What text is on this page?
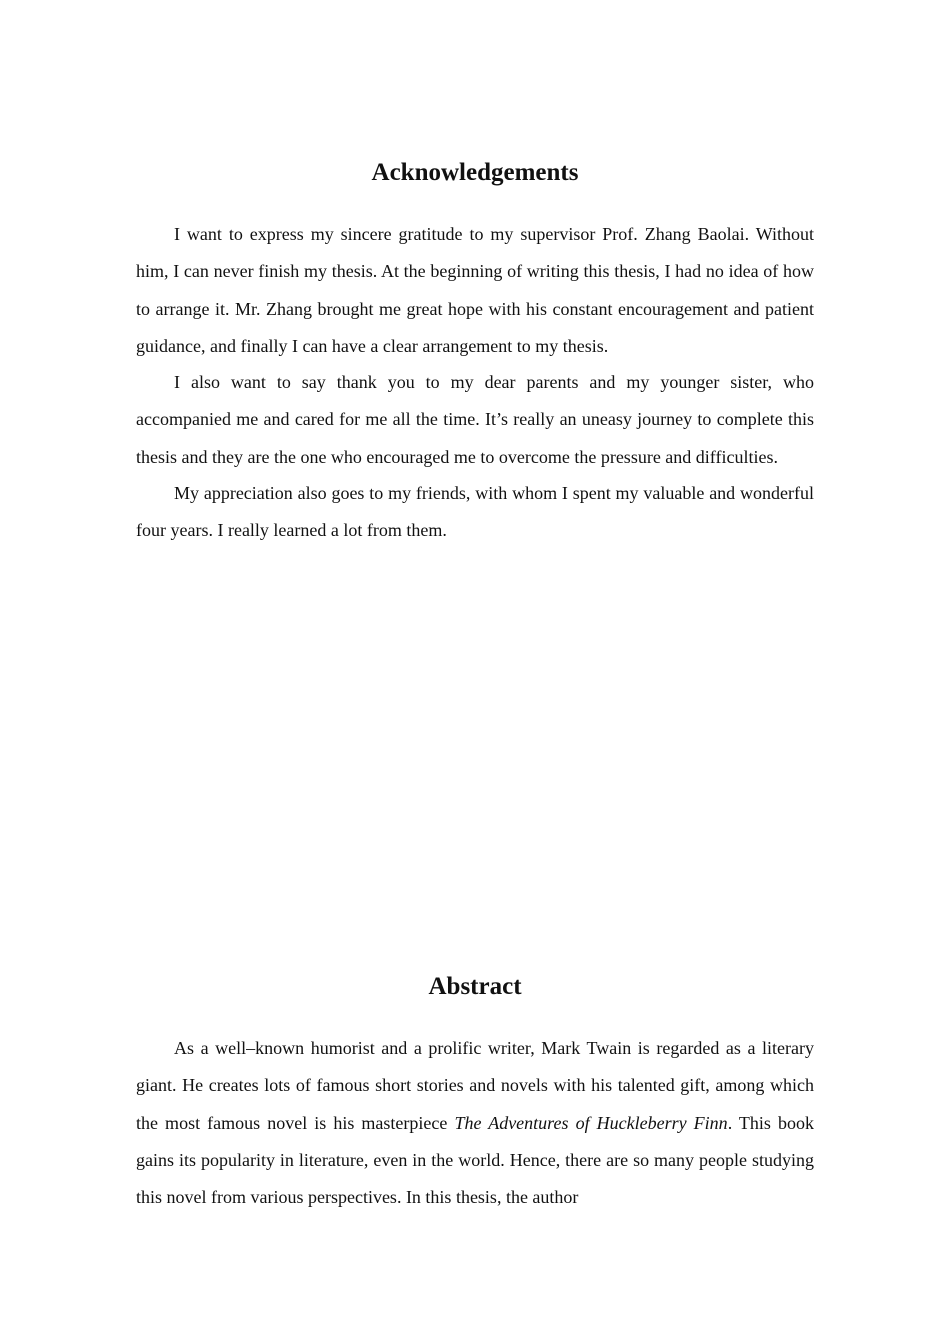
Acknowledgements

I want to express my sincere gratitude to my supervisor Prof. Zhang Baolai. Without him, I can never finish my thesis. At the beginning of writing this thesis, I had no idea of how to arrange it. Mr. Zhang brought me great hope with his constant encouragement and patient guidance, and finally I can have a clear arrangement to my thesis.

I also want to say thank you to my dear parents and my younger sister, who accompanied me and cared for me all the time. It’s really an uneasy journey to complete this thesis and they are the one who encouraged me to overcome the pressure and difficulties.

My appreciation also goes to my friends, with whom I spent my valuable and wonderful four years. I really learned a lot from them.

Abstract

As a well–known humorist and a prolific writer, Mark Twain is regarded as a literary giant. He creates lots of famous short stories and novels with his talented gift, among which the most famous novel is his masterpiece The Adventures of Huckleberry Finn. This book gains its popularity in literature, even in the world. Hence, there are so many people studying this novel from various perspectives. In this thesis, the author
